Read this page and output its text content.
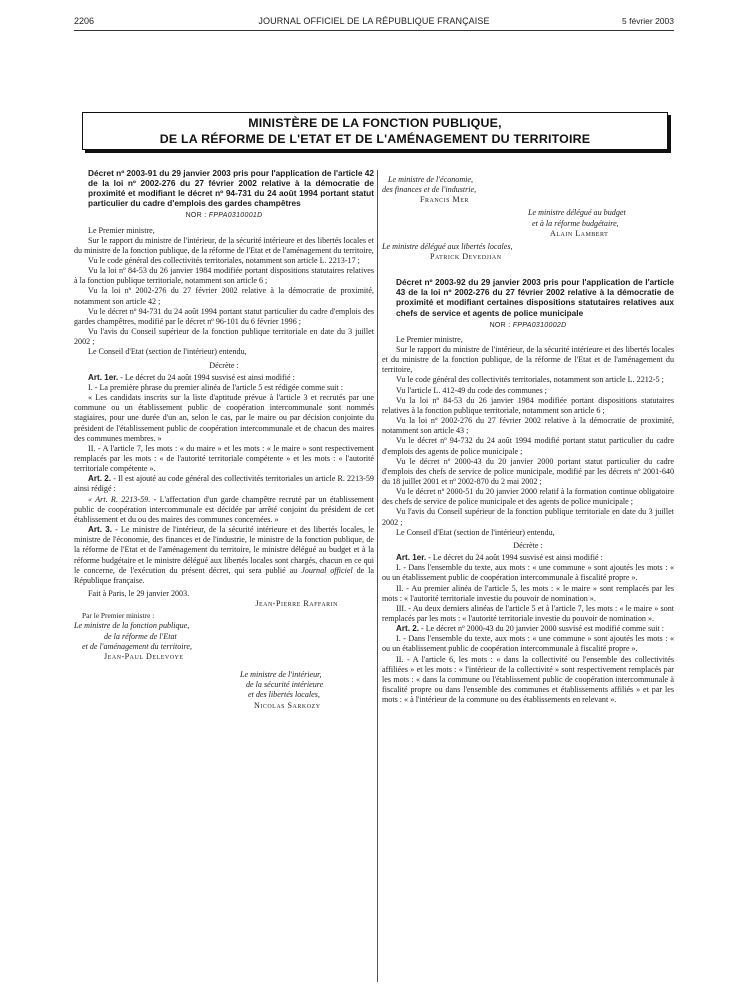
2206	JOURNAL OFFICIEL DE LA RÉPUBLIQUE FRANÇAISE	5 février 2003
MINISTÈRE DE LA FONCTION PUBLIQUE,
DE LA RÉFORME DE L'ETAT ET DE L'AMÉNAGEMENT DU TERRITOIRE

Décret nº 2003-91 du 29 janvier 2003 pris pour l'application de l'article 42 de la loi nº 2002-276 du 27 février 2002 relative à la démocratie de proximité et modifiant le décret nº 94-731 du 24 août 1994 portant statut particulier du cadre d'emplois des gardes champêtres

NOR : FPPA0310001D

Le Premier ministre,

Sur le rapport du ministre de l'intérieur, de la sécurité intérieure et des libertés locales et du ministre de la fonction publique, de la réforme de l'Etat et de l'aménagement du territoire,

Vu le code général des collectivités territoriales, notamment son article L. 2213-17 ;

Vu la loi nº 84-53 du 26 janvier 1984 modifiée portant dispositions statutaires relatives à la fonction publique territoriale, notamment son article 6 ;

Vu la loi nº 2002-276 du 27 février 2002 relative à la démocratie de proximité, notamment son article 42 ;

Vu le décret nº 94-731 du 24 août 1994 portant statut particulier du cadre d'emplois des gardes champêtres, modifié par le décret nº 96-101 du 6 février 1996 ;

Vu l'avis du Conseil supérieur de la fonction publique territoriale en date du 3 juillet 2002 ;

Le Conseil d'Etat (section de l'intérieur) entendu,

Décrète :

Art. 1er. - Le décret du 24 août 1994 susvisé est ainsi modifié :

I. - La première phrase du premier alinéa de l'article 5 est rédigée comme suit :

« Les candidats inscrits sur la liste d'aptitude prévue à l'article 3 et recrutés par une commune ou un établissement public de coopération intercommunale sont nommés stagiaires, pour une durée d'un an, selon le cas, par le maire ou par décision conjointe du président de l'établissement public de coopération intercommunale et de chacun des maires des communes membres. »

II. - A l'article 7, les mots : « du maire » et les mots : « le maire » sont respectivement remplacés par les mots : « de l'autorité territoriale compétente » et les mots : « l'autorité territoriale compétente ».

Art. 2. - Il est ajouté au code général des collectivités territoriales un article R. 2213-59 ainsi rédigé :

« Art. R. 2213-59. - L'affectation d'un garde champêtre recruté par un établissement public de coopération intercommunale est décidée par arrêté conjoint du président de cet établissement et du ou des maires des communes concernées. »

Art. 3. - Le ministre de l'intérieur, de la sécurité intérieure et des libertés locales, le ministre de l'économie, des finances et de l'industrie, le ministre de la fonction publique, de la réforme de l'Etat et de l'aménagement du territoire, le ministre délégué au budget et à la réforme budgétaire et le ministre délégué aux libertés locales sont chargés, chacun en ce qui le concerne, de l'exécution du présent décret, qui sera publié au Journal officiel de la République française.

Fait à Paris, le 29 janvier 2003.

Jean-Pierre Raffarin

Par le Premier ministre :

Le ministre de la fonction publique,

de la réforme de l'Etat

et de l'aménagement du territoire,

Jean-Paul Delevoye

Le ministre de l'intérieur,

de la sécurité intérieure

et des libertés locales,

Nicolas Sarkozy

Le ministre de l'économie,

des finances et de l'industrie,

Francis Mer

Le ministre délégué au budget

et à la réforme budgétaire,

Alain Lambert

Le ministre délégué aux libertés locales,

Patrick Devedjian

Décret nº 2003-92 du 29 janvier 2003 pris pour l'application de l'article 43 de la loi nº 2002-276 du 27 février 2002 relative à la démocratie de proximité et modifiant certaines dispositions statutaires relatives aux chefs de service et agents de police municipale

NOR : FPPA0310002D

Le Premier ministre,

Sur le rapport du ministre de l'intérieur, de la sécurité intérieure et des libertés locales et du ministre de la fonction publique, de la réforme de l'Etat et de l'aménagement du territoire,

Vu le code général des collectivités territoriales, notamment son article L. 2212-5 ;

Vu l'article L. 412-49 du code des communes ;

Vu la loi nº 84-53 du 26 janvier 1984 modifiée portant dispositions statutaires relatives à la fonction publique territoriale, notamment son article 6 ;

Vu la loi nº 2002-276 du 27 février 2002 relative à la démocratie de proximité, notamment son article 43 ;

Vu le décret nº 94-732 du 24 août 1994 modifié portant statut particulier du cadre d'emplois des agents de police municipale ;

Vu le décret nº 2000-43 du 20 janvier 2000 portant statut particulier du cadre d'emplois des chefs de service de police municipale, modifié par les décrets nº 2001-640 du 18 juillet 2001 et nº 2002-870 du 2 mai 2002 ;

Vu le décret nº 2000-51 du 20 janvier 2000 relatif à la formation continue obligatoire des chefs de service de police municipale et des agents de police municipale ;

Vu l'avis du Conseil supérieur de la fonction publique territoriale en date du 3 juillet 2002 ;

Le Conseil d'Etat (section de l'intérieur) entendu,

Décrète :

Art. 1er. - Le décret du 24 août 1994 susvisé est ainsi modifié :

I. - Dans l'ensemble du texte, aux mots : « une commune » sont ajoutés les mots : « ou un établissement public de coopération intercommunale à fiscalité propre ».

II. - Au premier alinéa de l'article 5, les mots : « le maire » sont remplacés par les mots : « l'autorité territoriale investie du pouvoir de nomination ».

III. - Au deux derniers alinéas de l'article 5 et à l'article 7, les mots : « le maire » sont remplacés par les mots : « l'autorité territoriale investie du pouvoir de nomination ».

Art. 2. - Le décret nº 2000-43 du 20 janvier 2000 susvisé est modifié comme suit :

I. - Dans l'ensemble du texte, aux mots : « une commune » sont ajoutés les mots : « ou un établissement public de coopération intercommunale à fiscalité propre ».

II. - A l'article 6, les mots : « dans la collectivité ou l'ensemble des collectivités affiliées » et les mots : « l'intérieur de la collectivité » sont respectivement remplacés par les mots : « dans la commune ou l'établissement public de coopération intercommunale à fiscalité propre ou dans l'ensemble des communes et établissements affiliés » et par les mots : « à l'intérieur de la commune ou des établissements en relevant ».
